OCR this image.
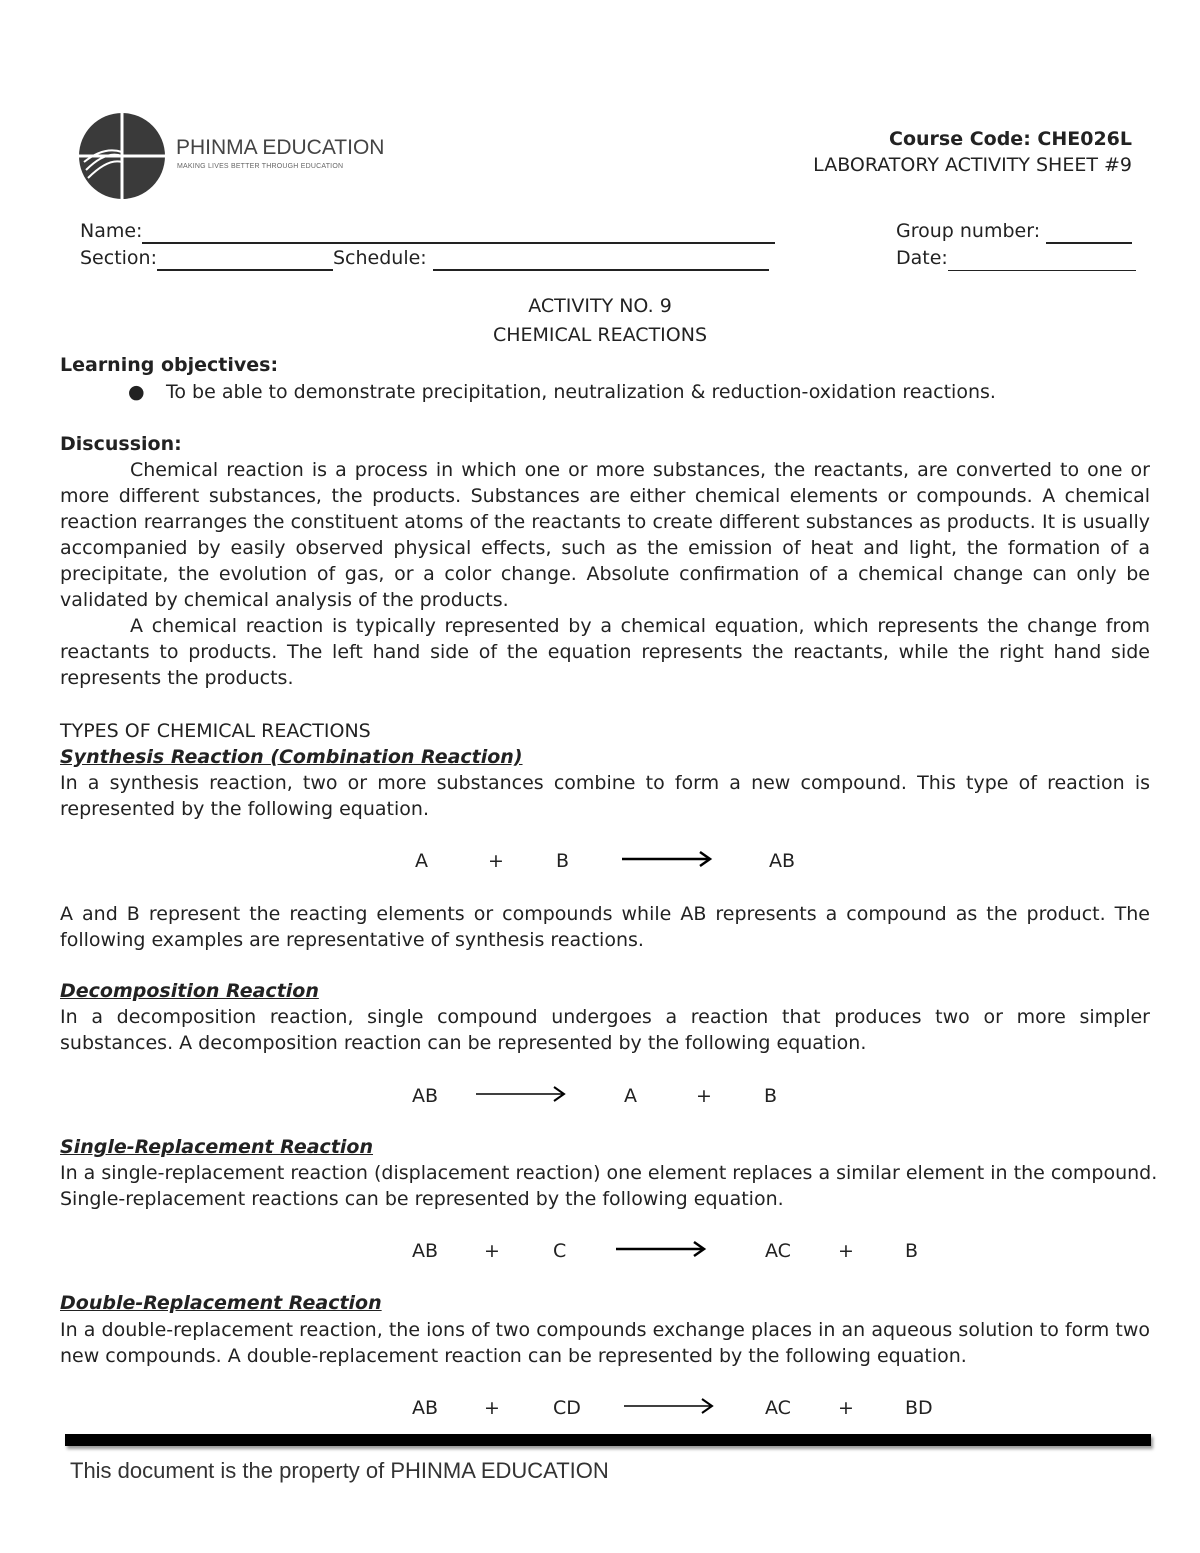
PHINMA EDUCATION
MAKING LIVES BETTER THROUGH EDUCATION
Course Code: CHE026L
LABORATORY ACTIVITY SHEET #9
Name:
Section:	Schedule:
Group number:
Date:
ACTIVITY NO. 9
CHEMICAL REACTIONS
Learning objectives:
● To be able to demonstrate precipitation, neutralization & reduction-oxidation reactions.
Discussion:
Chemical reaction is a process in which one or more substances, the reactants, are converted to one or more different substances, the products. Substances are either chemical elements or compounds. A chemical reaction rearranges the constituent atoms of the reactants to create different substances as products. It is usually accompanied by easily observed physical effects, such as the emission of heat and light, the formation of a precipitate, the evolution of gas, or a color change. Absolute confirmation of a chemical change can only be validated by chemical analysis of the products.
A chemical reaction is typically represented by a chemical equation, which represents the change from reactants to products. The left hand side of the equation represents the reactants, while the right hand side represents the products.
TYPES OF CHEMICAL REACTIONS
Synthesis Reaction (Combination Reaction)
In a synthesis reaction, two or more substances combine to form a new compound. This type of reaction is represented by the following equation.
A	+	B	AB
A and B represent the reacting elements or compounds while AB represents a compound as the product. The following examples are representative of synthesis reactions.
Decomposition Reaction
In a decomposition reaction, single compound undergoes a reaction that produces two or more simpler substances. A decomposition reaction can be represented by the following equation.
AB	A	+	B
Single-Replacement Reaction
In a single-replacement reaction (displacement reaction) one element replaces a similar element in the compound. Single-replacement reactions can be represented by the following equation.
AB +	C	AC +	B
Double-Replacement Reaction
In a double-replacement reaction, the ions of two compounds exchange places in an aqueous solution to form two new compounds. A double-replacement reaction can be represented by the following equation.
AB +	CD	AC +	BD
This document is the property of PHINMA EDUCATION
